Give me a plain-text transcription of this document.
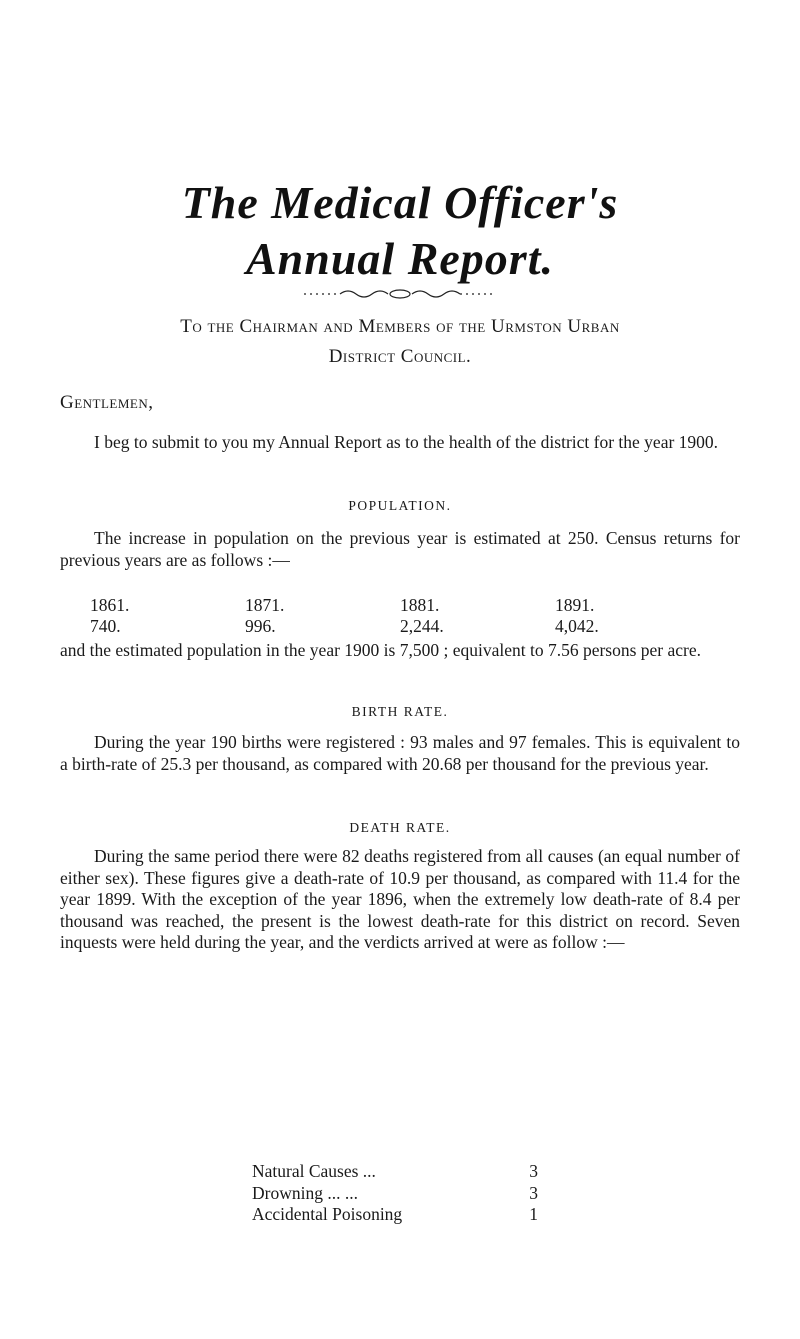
The Medical Officer's
Annual Report.
To the Chairman and Members of the Urmston Urban
District Council.
Gentlemen,
I beg to submit to you my Annual Report as to the health of the district for the year 1900.
POPULATION.
The increase in population on the previous year is estimated at 250. Census returns for previous years are as follows :—
1861.	1871.	1881.	1891.
740.	996.	2,244.	4,042.
and the estimated population in the year 1900 is 7,500 ; equivalent to 7.56 persons per acre.
BIRTH RATE.
During the year 190 births were registered : 93 males and 97 females. This is equivalent to a birth-rate of 25.3 per thousand, as compared with 20.68 per thousand for the previous year.
DEATH RATE.
During the same period there were 82 deaths registered from all causes (an equal number of either sex). These figures give a death-rate of 10.9 per thousand, as compared with 11.4 for the year 1899. With the exception of the year 1896, when the extremely low death-rate of 8.4 per thousand was reached, the present is the lowest death-rate for this district on record. Seven inquests were held during the year, and the verdicts arrived at were as follow :—
Natural Causes ...	3
Drowning ... ...	3
Accidental Poisoning	1
